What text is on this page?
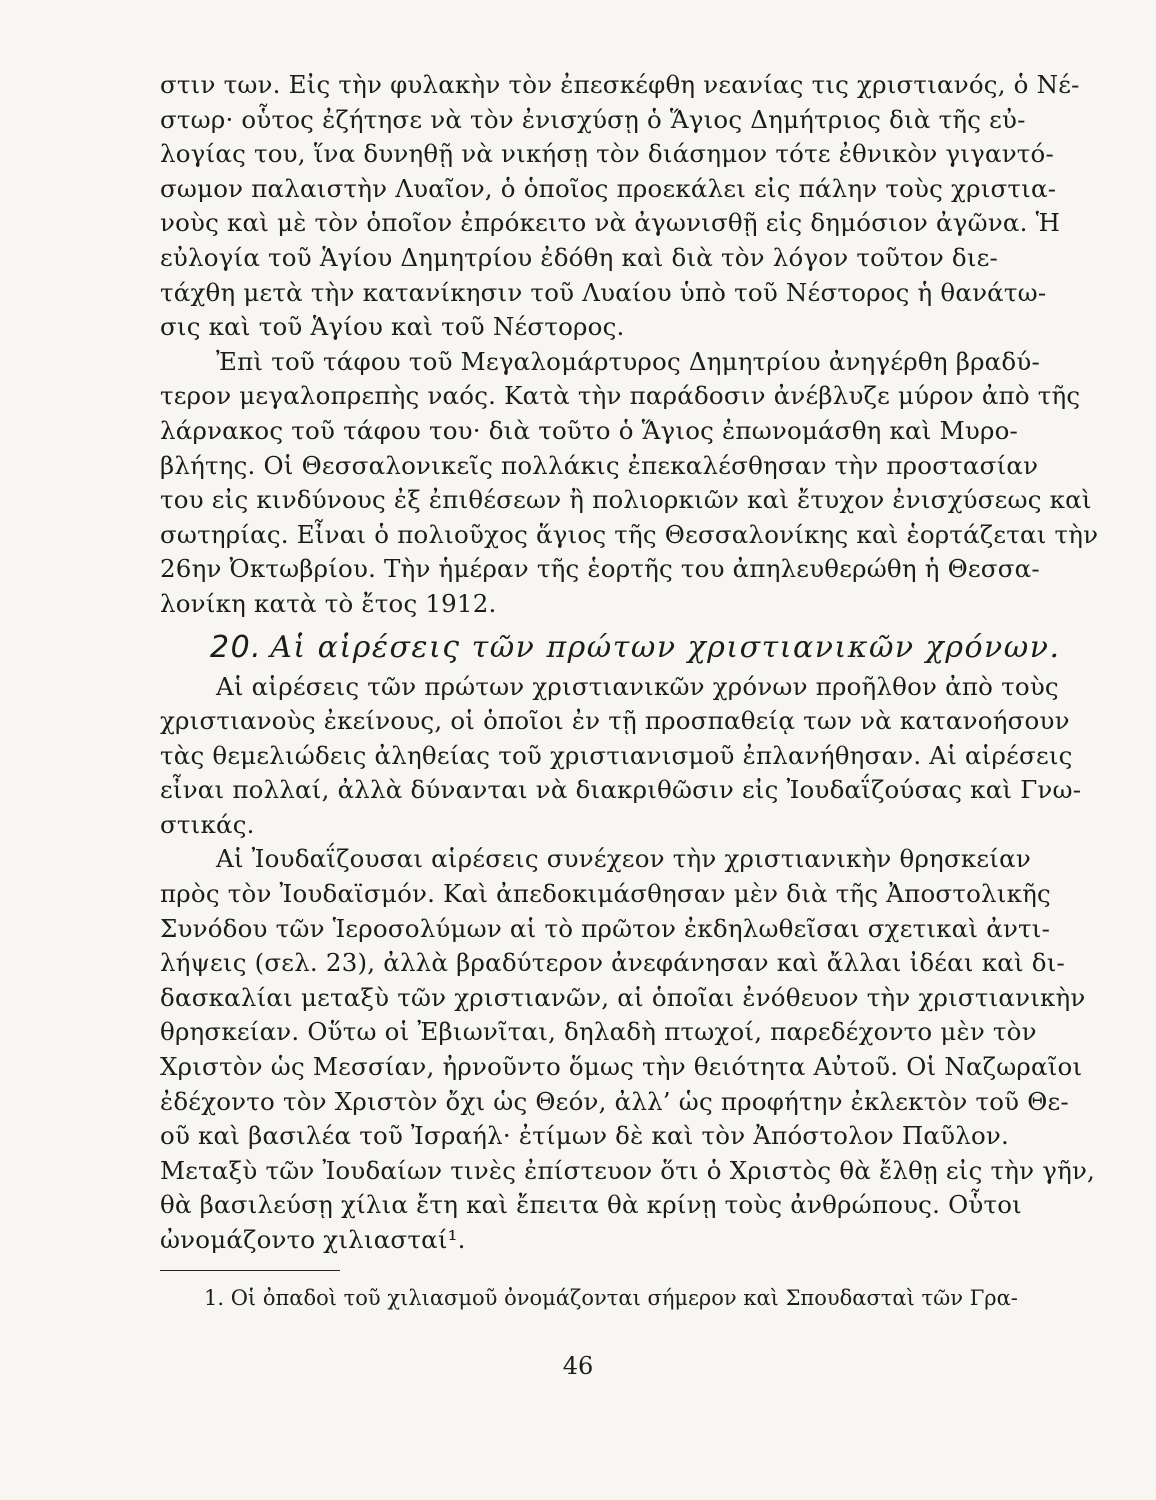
στιν των. Εἰς τὴν φυλακὴν τὸν ἐπεσκέφθη νεανίας τις χριστιανός, ὁ Νέ-
στωρ· οὗτος ἐζήτησε νὰ τὸν ἐνισχύσῃ ὁ Ἅγιος Δημήτριος διὰ τῆς εὐ-
λογίας του, ἵνα δυνηθῇ νὰ νικήσῃ τὸν διάσημον τότε ἐθνικὸν γιγαντό-
σωμον παλαιστὴν Λυαῖον, ὁ ὁποῖος προεκάλει εἰς πάλην τοὺς χριστια-
νοὺς καὶ μὲ τὸν ὁποῖον ἐπρόκειτο νὰ ἀγωνισθῇ εἰς δημόσιον ἀγῶνα. Ἡ
εὐλογία τοῦ Ἁγίου Δημητρίου ἐδόθη καὶ διὰ τὸν λόγον τοῦτον διε-
τάχθη μετὰ τὴν κατανίκησιν τοῦ Λυαίου ὑπὸ τοῦ Νέστορος ἡ θανάτω-
σις καὶ τοῦ Ἁγίου καὶ τοῦ Νέστορος.
Ἐπὶ τοῦ τάφου τοῦ Μεγαλομάρτυρος Δημητρίου ἀνηγέρθη βραδύ-
τερον μεγαλοπρεπὴς ναός. Κατὰ τὴν παράδοσιν ἀνέβλυζε μύρον ἀπὸ τῆς
λάρνακος τοῦ τάφου του· διὰ τοῦτο ὁ Ἅγιος ἐπωνομάσθη καὶ Μυρο-
βλήτης. Οἱ Θεσσαλονικεῖς πολλάκις ἐπεκαλέσθησαν τὴν προστασίαν
του εἰς κινδύνους ἐξ ἐπιθέσεων ἢ πολιορκιῶν καὶ ἔτυχον ἐνισχύσεως καὶ
σωτηρίας. Εἶναι ὁ πολιοῦχος ἅγιος τῆς Θεσσαλονίκης καὶ ἑορτάζεται τὴν
26ην Ὀκτωβρίου. Τὴν ἡμέραν τῆς ἑορτῆς του ἀπηλευθερώθη ἡ Θεσσα-
λονίκη κατὰ τὸ ἔτος 1912.
20. Αἱ αἱρέσεις τῶν πρώτων χριστιανικῶν χρόνων.
Αἱ αἱρέσεις τῶν πρώτων χριστιανικῶν χρόνων προῆλθον ἀπὸ τοὺς
χριστιανοὺς ἐκείνους, οἱ ὁποῖοι ἐν τῇ προσπαθείᾳ των νὰ κατανοήσουν
τὰς θεμελιώδεις ἀληθείας τοῦ χριστιανισμοῦ ἐπλανήθησαν. Αἱ αἱρέσεις
εἶναι πολλαί, ἀλλὰ δύνανται νὰ διακριθῶσιν εἰς Ἰουδαΐζούσας καὶ Γνω-
στικάς.
Αἱ Ἰουδαΐζουσαι αἱρέσεις συνέχεον τὴν χριστιανικὴν θρησκείαν
πρὸς τὸν Ἰουδαϊσμόν. Καὶ ἀπεδοκιμάσθησαν μὲν διὰ τῆς Ἀποστολικῆς
Συνόδου τῶν Ἱεροσολύμων αἱ τὸ πρῶτον ἐκδηλωθεῖσαι σχετικαὶ ἀντι-
λήψεις (σελ. 23), ἀλλὰ βραδύτερον ἀνεφάνησαν καὶ ἄλλαι ἰδέαι καὶ δι-
δασκαλίαι μεταξὺ τῶν χριστιανῶν, αἱ ὁποῖαι ἐνόθευον τὴν χριστιανικὴν
θρησκείαν. Οὕτω οἱ Ἐβιωνῖται, δηλαδὴ πτωχοί, παρεδέχοντο μὲν τὸν
Χριστὸν ὡς Μεσσίαν, ἠρνοῦντο ὅμως τὴν θειότητα Αὐτοῦ. Οἱ Ναζωραῖοι
ἐδέχοντο τὸν Χριστὸν ὄχι ὡς Θεόν, ἀλλ’ ὡς προφήτην ἐκλεκτὸν τοῦ Θε-
οῦ καὶ βασιλέα τοῦ Ἰσραήλ· ἐτίμων δὲ καὶ τὸν Ἀπόστολον Παῦλον.
Μεταξὺ τῶν Ἰουδαίων τινὲς ἐπίστευον ὅτι ὁ Χριστὸς θὰ ἔλθῃ εἰς τὴν γῆν,
θὰ βασιλεύσῃ χίλια ἔτη καὶ ἔπειτα θὰ κρίνῃ τοὺς ἀνθρώπους. Οὗτοι
ὠνομάζοντο χιλιασταί¹.
1. Οἱ ὀπαδοὶ τοῦ χιλιασμοῦ ὀνομάζονται σήμερον καὶ Σπουδασταὶ τῶν Γρα-
46
